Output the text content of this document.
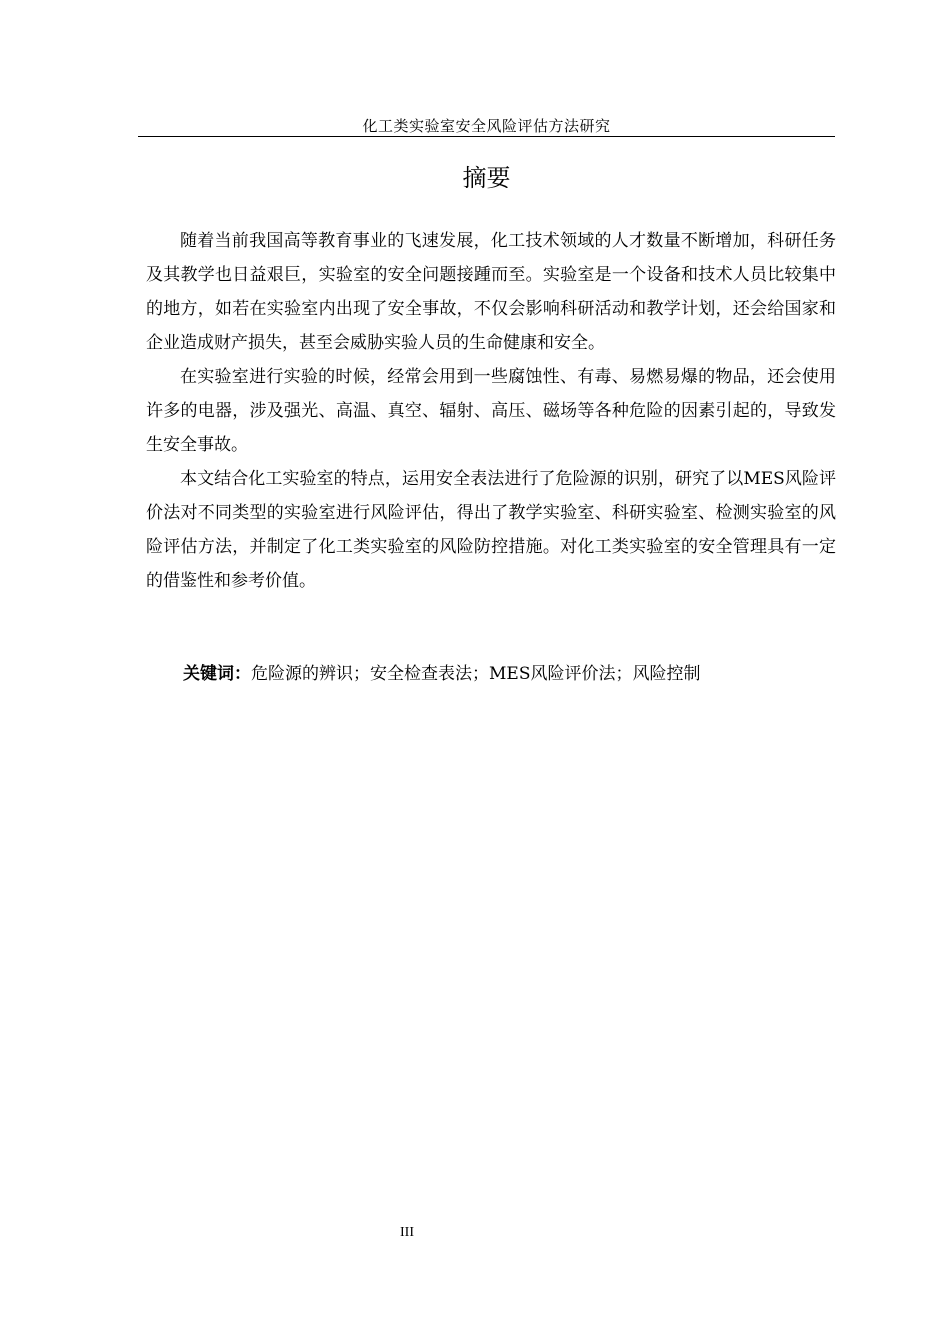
化工类实验室安全风险评估方法研究
摘要

随着当前我国高等教育事业的飞速发展，化工技术领域的人才数量不断增加，科研任务及其教学也日益艰巨，实验室的安全问题接踵而至。实验室是一个设备和技术人员比较集中的地方，如若在实验室内出现了安全事故，不仅会影响科研活动和教学计划，还会给国家和企业造成财产损失，甚至会威胁实验人员的生命健康和安全。

在实验室进行实验的时候，经常会用到一些腐蚀性、有毒、易燃易爆的物品，还会使用许多的电器，涉及强光、高温、真空、辐射、高压、磁场等各种危险的因素引起的，导致发生安全事故。

本文结合化工实验室的特点，运用安全表法进行了危险源的识别，研究了以MES风险评价法对不同类型的实验室进行风险评估，得出了教学实验室、科研实验室、检测实验室的风险评估方法，并制定了化工类实验室的风险防控措施。对化工类实验室的安全管理具有一定的借鉴性和参考价值。

关键词：危险源的辨识；安全检查表法；MES风险评价法；风险控制
III
